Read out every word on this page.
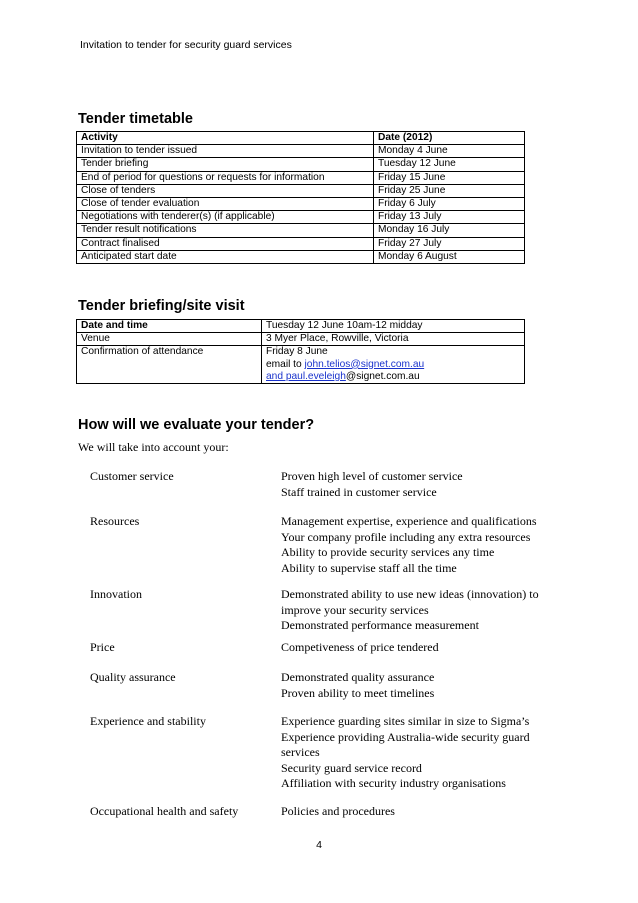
Invitation to tender for security guard services
Tender timetable
Activity	Date (2012)
Invitation to tender issued	Monday 4 June
Tender briefing	Tuesday 12 June
End of period for questions or requests for information	Friday 15 June
Close of tenders	Friday 25 June
Close of tender evaluation	Friday 6 July
Negotiations with tenderer(s) (if applicable)	Friday 13 July
Tender result notifications	Monday 16 July
Contract finalised	Friday 27 July
Anticipated start date	Monday 6 August
Tender briefing/site visit
Date and time	Tuesday 12 June 10am-12 midday
Venue	3 Myer Place, Rowville, Victoria
Confirmation of attendance	Friday 8 June
email to john.telios@signet.com.au
and paul.eveleigh@signet.com.au
How will we evaluate your tender?
We will take into account your:
Customer service	Proven high level of customer service
Staff trained in customer service
Resources	Management expertise, experience and qualifications
Your company profile including any extra resources
Ability to provide security services any time
Ability to supervise staff all the time
Innovation	Demonstrated ability to use new ideas (innovation) to
improve your security services
Demonstrated performance measurement
Price	Competiveness of price tendered
Quality assurance	Demonstrated quality assurance
Proven ability to meet timelines
Experience and stability	Experience guarding sites similar in size to Sigma’s
Experience providing Australia-wide security guard
services
Security guard service record
Affiliation with security industry organisations
Occupational health and safety	Policies and procedures
4
